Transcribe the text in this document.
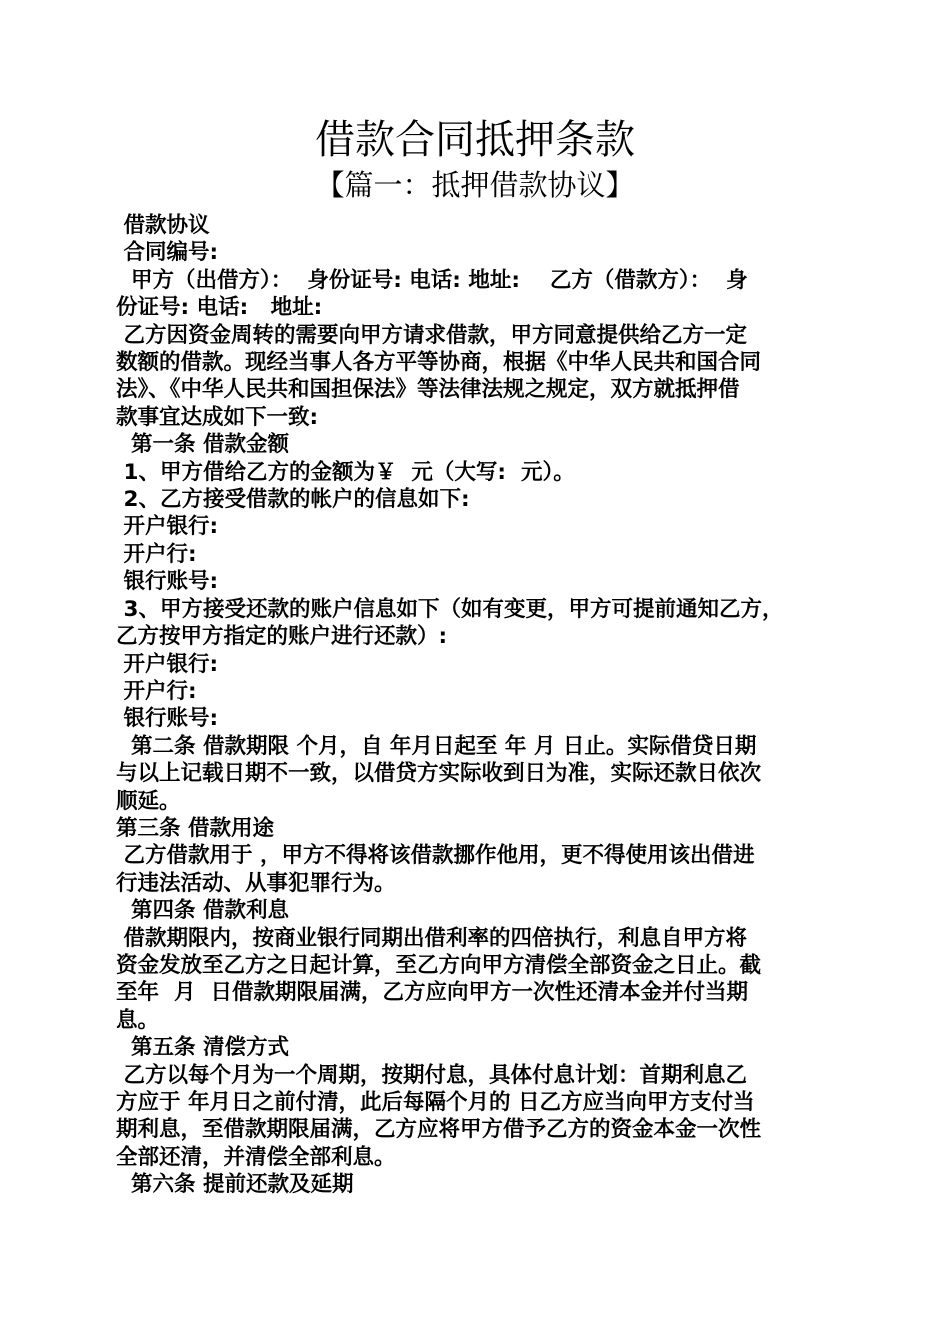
借款合同抵押条款
【篇一：抵押借款协议】

借款协议

合同编号:

甲方（出借方）：  身份证号: 电话: 地址:    乙方（借款方）：  身

份证号: 电话:   地址:

乙方因资金周转的需要向甲方请求借款，甲方同意提供给乙方一定

数额的借款。现经当事人各方平等协商，根据《中华人民共和国合同

法》、《中华人民共和国担保法》等法律法规之规定，双方就抵押借

款事宜达成如下一致:

第一条 借款金额

1、甲方借给乙方的金额为￥  元（大写:  元）。

2、乙方接受借款的帐户的信息如下:

开户银行:

开户行:

银行账号:

3、甲方接受还款的账户信息如下（如有变更，甲方可提前通知乙方，

乙方按甲方指定的账户进行还款）:

开户银行:

开户行:

银行账号:

第二条 借款期限 个月，自 年月日起至 年 月 日止。实际借贷日期

与以上记载日期不一致，以借贷方实际收到日为准，实际还款日依次

顺延。

第三条 借款用途

乙方借款用于 ，甲方不得将该借款挪作他用，更不得使用该出借进

行违法活动、从事犯罪行为。

第四条 借款利息

借款期限内，按商业银行同期出借利率的四倍执行，利息自甲方将

资金发放至乙方之日起计算，至乙方向甲方清偿全部资金之日止。截

至年  月  日借款期限届满，乙方应向甲方一次性还清本金并付当期

息。

第五条 清偿方式

乙方以每个月为一个周期，按期付息，具体付息计划：首期利息乙

方应于 年月日之前付清，此后每隔个月的 日乙方应当向甲方支付当

期利息，至借款期限届满，乙方应将甲方借予乙方的资金本金一次性

全部还清，并清偿全部利息。

第六条 提前还款及延期
